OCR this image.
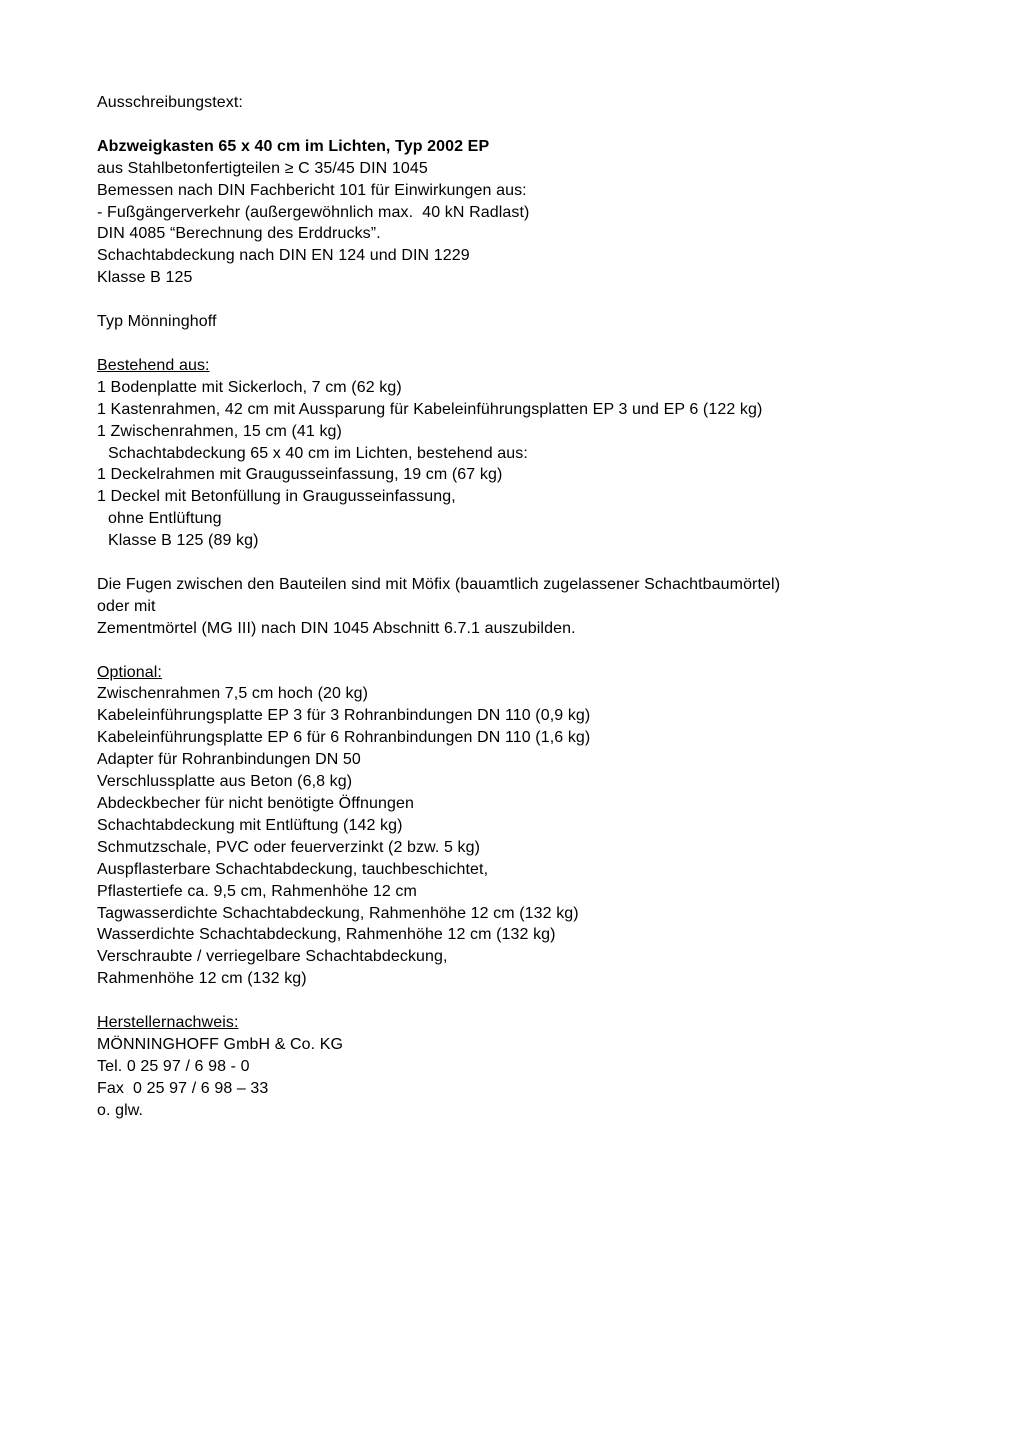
Ausschreibungstext:

Abzweigkasten 65 x 40 cm im Lichten, Typ 2002 EP
aus Stahlbetonfertigteilen ≥ C 35/45 DIN 1045
Bemessen nach DIN Fachbericht 101 für Einwirkungen aus:
- Fußgängerverkehr (außergewöhnlich max.  40 kN Radlast)
DIN 4085 “Berechnung des Erddrucks”.
Schachtabdeckung nach DIN EN 124 und DIN 1229
Klasse B 125

Typ Mönninghoff

Bestehend aus:
1 Bodenplatte mit Sickerloch, 7 cm (62 kg)
1 Kastenrahmen, 42 cm mit Aussparung für Kabeleinführungsplatten EP 3 und EP 6 (122 kg)
1 Zwischenrahmen, 15 cm (41 kg)
Schachtabdeckung 65 x 40 cm im Lichten, bestehend aus:
1 Deckelrahmen mit Graugusseinfassung, 19 cm (67 kg)
1 Deckel mit Betonfüllung in Graugusseinfassung,
ohne Entlüftung
Klasse B 125 (89 kg)

Die Fugen zwischen den Bauteilen sind mit Möfix (bauamtlich zugelassener Schachtbaumörtel)
oder mit
Zementmörtel (MG III) nach DIN 1045 Abschnitt 6.7.1 auszubilden.

Optional:
Zwischenrahmen 7,5 cm hoch (20 kg)
Kabeleinführungsplatte EP 3 für 3 Rohranbindungen DN 110 (0,9 kg)
Kabeleinführungsplatte EP 6 für 6 Rohranbindungen DN 110 (1,6 kg)
Adapter für Rohranbindungen DN 50
Verschlussplatte aus Beton (6,8 kg)
Abdeckbecher für nicht benötigte Öffnungen
Schachtabdeckung mit Entlüftung (142 kg)
Schmutzschale, PVC oder feuerverzinkt (2 bzw. 5 kg)
Auspflasterbare Schachtabdeckung, tauchbeschichtet,
Pflastertiefe ca. 9,5 cm, Rahmenhöhe 12 cm
Tagwasserdichte Schachtabdeckung, Rahmenhöhe 12 cm (132 kg)
Wasserdichte Schachtabdeckung, Rahmenhöhe 12 cm (132 kg)
Verschraubte / verriegelbare Schachtabdeckung,
Rahmenhöhe 12 cm (132 kg)

Herstellernachweis:
MÖNNINGHOFF GmbH & Co. KG
Tel. 0 25 97 / 6 98 - 0
Fax  0 25 97 / 6 98 – 33
o. glw.
